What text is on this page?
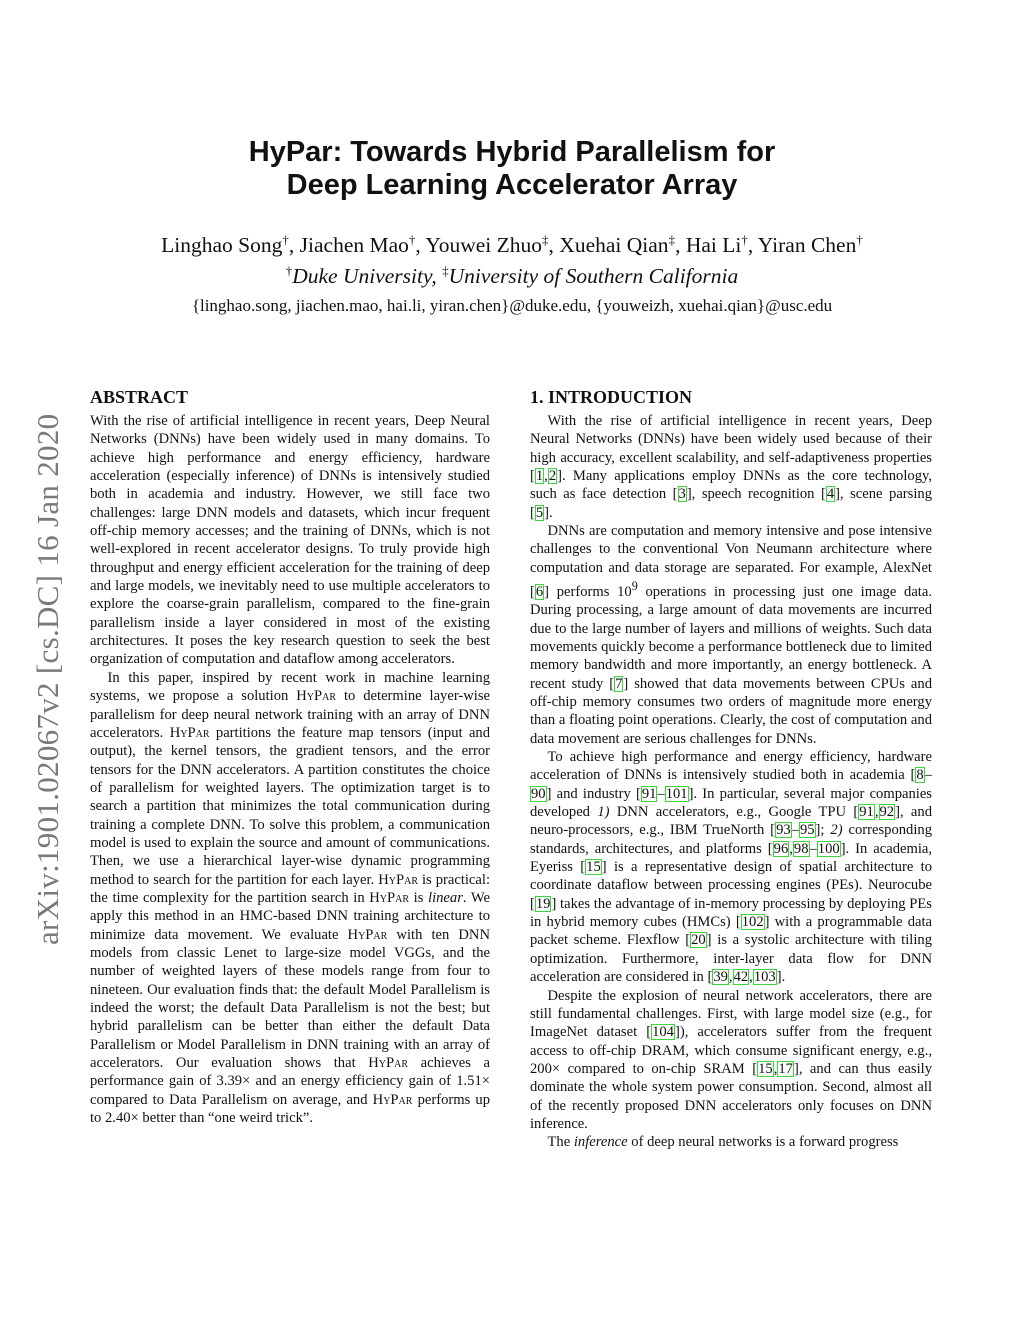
HyPar: Towards Hybrid Parallelism for
Deep Learning Accelerator Array
Linghao Song†, Jiachen Mao†, Youwei Zhuo‡, Xuehai Qian‡, Hai Li†, Yiran Chen†
†Duke University, ‡University of Southern California
{linghao.song, jiachen.mao, hai.li, yiran.chen}@duke.edu, {youweizh, xuehai.qian}@usc.edu
arXiv:1901.02067v2 [cs.DC] 16 Jan 2020
ABSTRACT

With the rise of artificial intelligence in recent years, Deep Neural Networks (DNNs) have been widely used in many domains. To achieve high performance and energy efficiency, hardware acceleration (especially inference) of DNNs is intensively studied both in academia and industry. However, we still face two challenges: large DNN models and datasets, which incur frequent off-chip memory accesses; and the training of DNNs, which is not well-explored in recent accelerator designs. To truly provide high throughput and energy efficient acceleration for the training of deep and large models, we inevitably need to use multiple accelerators to explore the coarse-grain parallelism, compared to the fine-grain parallelism inside a layer considered in most of the existing architectures. It poses the key research question to seek the best organization of computation and dataflow among accelerators.

In this paper, inspired by recent work in machine learning systems, we propose a solution HyPar to determine layer-wise parallelism for deep neural network training with an array of DNN accelerators. HyPar partitions the feature map tensors (input and output), the kernel tensors, the gradient tensors, and the error tensors for the DNN accelerators. A partition constitutes the choice of parallelism for weighted layers. The optimization target is to search a partition that minimizes the total communication during training a complete DNN. To solve this problem, a communication model is used to explain the source and amount of communications. Then, we use a hierarchical layer-wise dynamic programming method to search for the partition for each layer. HyPar is practical: the time complexity for the partition search in HyPar is linear. We apply this method in an HMC-based DNN training architecture to minimize data movement. We evaluate HyPar with ten DNN models from classic Lenet to large-size model VGGs, and the number of weighted layers of these models range from four to nineteen. Our evaluation finds that: the default Model Parallelism is indeed the worst; the default Data Parallelism is not the best; but hybrid parallelism can be better than either the default Data Parallelism or Model Parallelism in DNN training with an array of accelerators. Our evaluation shows that HyPar achieves a performance gain of 3.39× and an energy efficiency gain of 1.51× compared to Data Parallelism on average, and HyPar performs up to 2.40× better than “one weird trick”.

1. INTRODUCTION

With the rise of artificial intelligence in recent years, Deep Neural Networks (DNNs) have been widely used because of their high accuracy, excellent scalability, and self-adaptiveness properties [1,2]. Many applications employ DNNs as the core technology, such as face detection [3], speech recognition [4], scene parsing [5].

DNNs are computation and memory intensive and pose intensive challenges to the conventional Von Neumann architecture where computation and data storage are separated. For example, AlexNet [6] performs $10^9$ operations in processing just one image data. During processing, a large amount of data movements are incurred due to the large number of layers and millions of weights. Such data movements quickly become a performance bottleneck due to limited memory bandwidth and more importantly, an energy bottleneck. A recent study [7] showed that data movements between CPUs and off-chip memory consumes two orders of magnitude more energy than a floating point operations. Clearly, the cost of computation and data movement are serious challenges for DNNs.

To achieve high performance and energy efficiency, hardware acceleration of DNNs is intensively studied both in academia [8–90] and industry [91–101]. In particular, several major companies developed 1) DNN accelerators, e.g., Google TPU [91,92], and neuro-processors, e.g., IBM TrueNorth [93–95]; 2) corresponding standards, architectures, and platforms [96,98–100]. In academia, Eyeriss [15] is a representative design of spatial architecture to coordinate dataflow between processing engines (PEs). Neurocube [19] takes the advantage of in-memory processing by deploying PEs in hybrid memory cubes (HMCs) [102] with a programmable data packet scheme. Flexflow [20] is a systolic architecture with tiling optimization. Furthermore, inter-layer data flow for DNN acceleration are considered in [39,42,103].

Despite the explosion of neural network accelerators, there are still fundamental challenges. First, with large model size (e.g., for ImageNet dataset [104]), accelerators suffer from the frequent access to off-chip DRAM, which consume significant energy, e.g., 200× compared to on-chip SRAM [15,17], and can thus easily dominate the whole system power consumption. Second, almost all of the recently proposed DNN accelerators only focuses on DNN inference.

The inference of deep neural networks is a forward progress
